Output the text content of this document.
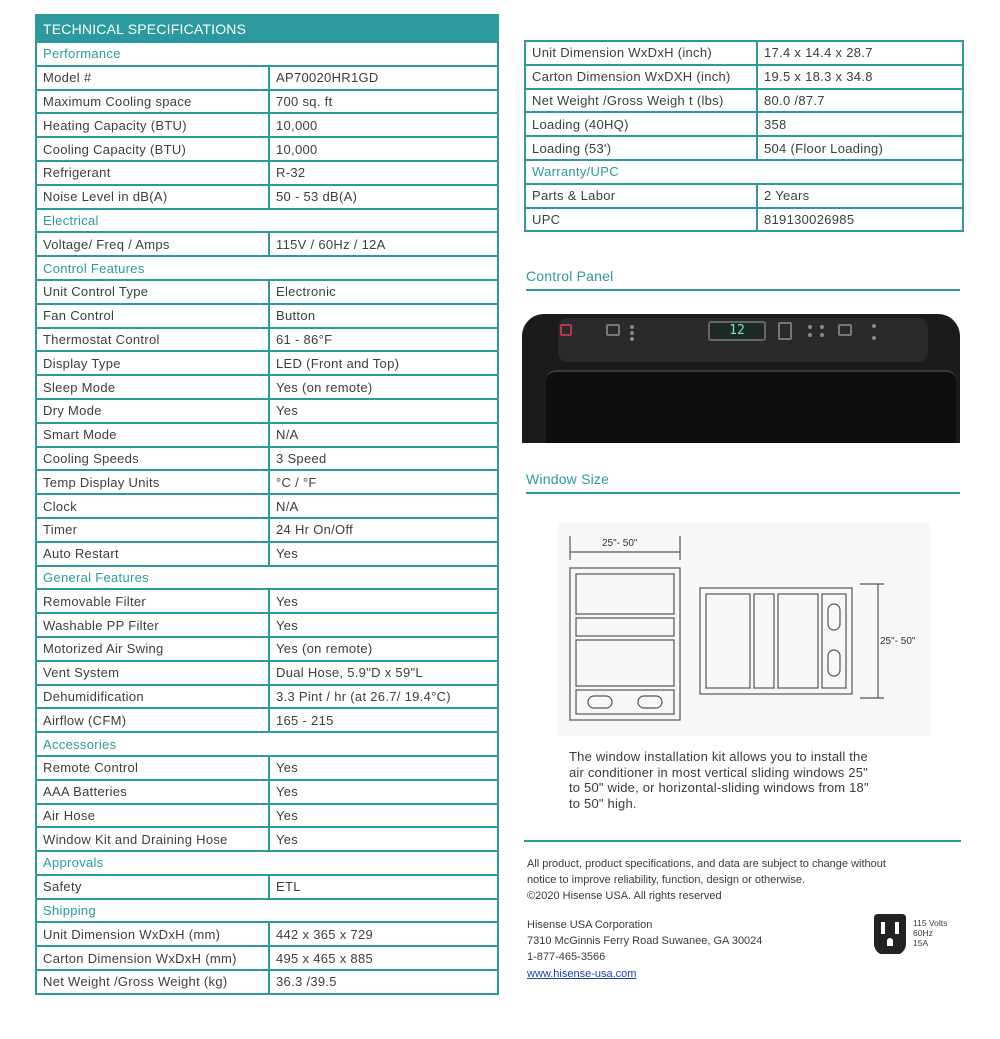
TECHNICAL SPECIFICATIONS	
Performance	
Model #	AP70020HR1GD
Maximum Cooling space	700 sq. ft
Heating Capacity (BTU)	10,000
Cooling Capacity (BTU)	10,000
Refrigerant	R-32
Noise Level in dB(A)	50 - 53 dB(A)
Electrical	
Voltage/ Freq / Amps	115V / 60Hz / 12A
Control Features	
Unit Control Type	Electronic
Fan Control	Button
Thermostat Control	61 - 86°F
Display Type	LED (Front and Top)
Sleep Mode	Yes (on remote)
Dry Mode	Yes
Smart Mode	N/A
Cooling Speeds	3 Speed
Temp Display Units	°C / °F
Clock	N/A
Timer	24 Hr On/Off
Auto Restart	Yes
General Features	
Removable Filter	Yes
Washable PP Filter	Yes
Motorized Air Swing	Yes (on remote)
Vent System	Dual Hose, 5.9"D x 59"L
Dehumidification	3.3 Pint / hr (at 26.7/ 19.4°C)
Airflow (CFM)	165 - 215
Accessories	
Remote Control	Yes
AAA Batteries	Yes
Air Hose	Yes
Window Kit and Draining Hose	Yes
Approvals	
Safety	ETL
Shipping	
Unit Dimension WxDxH (mm)	442 x 365 x 729
Carton Dimension WxDxH (mm)	495 x 465 x 885
Net Weight /Gross Weight (kg)	36.3 /39.5
Unit Dimension WxDxH (inch)	17.4 x 14.4 x 28.7
Carton Dimension WxDXH (inch)	19.5 x 18.3 x 34.8
Net Weight /Gross Weigh t (lbs)	80.0 /87.7
Loading (40HQ)	358
Loading (53')	504 (Floor Loading)
Warranty/UPC	
Parts & Labor	2 Years
UPC	819130026985
Control Panel
12
Window Size
25"- 50"
25"- 50"
The window installation kit allows you to install the
air conditioner in most vertical sliding windows 25"
to 50" wide, or horizontal-sliding windows from 18"
to 50" high.
All product, product specifications, and data are subject to change without
notice to improve reliability, function, design or otherwise.
©2020 Hisense USA. All rights reserved
Hisense USA Corporation
7310 McGinnis Ferry Road Suwanee, GA 30024
1-877-465-3566
www.hisense-usa.com
115 Volts
60Hz
15A
